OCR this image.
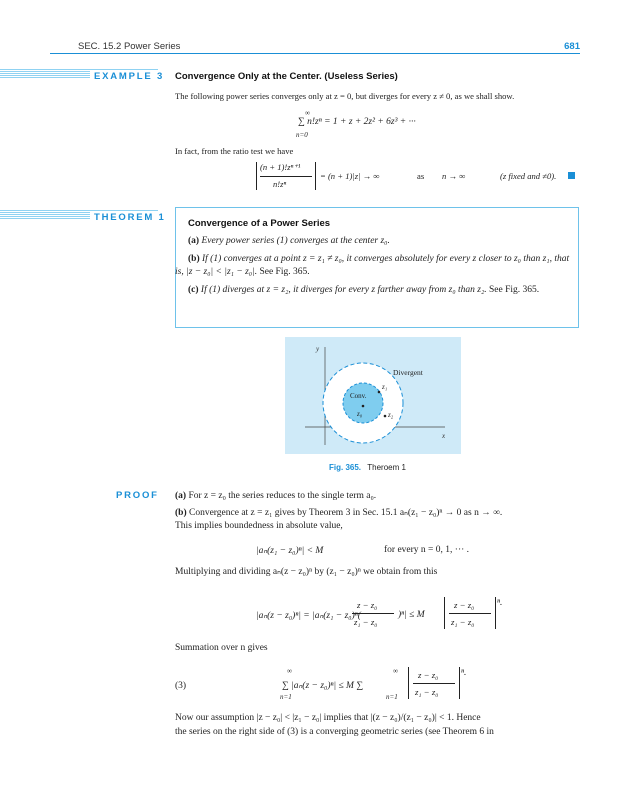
SEC. 15.2 Power Series	681
EXAMPLE 3 Convergence Only at the Center. (Useless Series)
The following power series converges only at z = 0, but diverges for every z ≠ 0, as we shall show.
∞
∑ n!zⁿ = 1 + z + 2z² + 6z³ + ···
n=0
In fact, from the ratio test we have
(n + 1)!zⁿ⁺¹
n!zⁿ
= (n + 1)|z| → ∞	as n → ∞	(z fixed and ≠0).
THEOREM 1
Convergence of a Power Series
(a) Every power series (1) converges at the center z₀.
(b) If (1) converges at a point z = z₁ ≠ z₀, it converges absolutely for every z closer to z₀ than z₁, that is, |z − z₀| < |z₁ − z₀|. See Fig. 365.
(c) If (1) diverges at z = z₂, it diverges for every z farther away from z₀ than z₂. See Fig. 365.
y
x
Divergent
Conv.
z₀
z₁
z₂
Fig. 365. Theroem 1
PROOF (a) For z = z₀ the series reduces to the single term a₀.
(b) Convergence at z = z₁ gives by Theorem 3 in Sec. 15.1 aₙ(z₁ − z₀)ⁿ → 0 as n → ∞.
This implies boundedness in absolute value,
|aₙ(z₁ − z₀)ⁿ| < M	for every n = 0, 1, ··· .
Multiplying and dividing aₙ(z − z₀)ⁿ by (z₁ − z₀)ⁿ we obtain from this
|aₙ(z − z₀)ⁿ| = |aₙ(z₁ − z₀)ⁿ(
z − z₀
z₁ − z₀
)ⁿ| ≤ M
z − z₀
z₁ − z₀
ⁿ.
Summation over n gives
(3)
∞	∞
∑ |aₙ(z − z₀)ⁿ| ≤ M ∑
n=1	n=1
z − z₀
z₁ − z₀
ⁿ.
Now our assumption |z − z₀| < |z₁ − z₀| implies that |(z − z₀)/(z₁ − z₀)| < 1. Hence
the series on the right side of (3) is a converging geometric series (see Theorem 6 in
